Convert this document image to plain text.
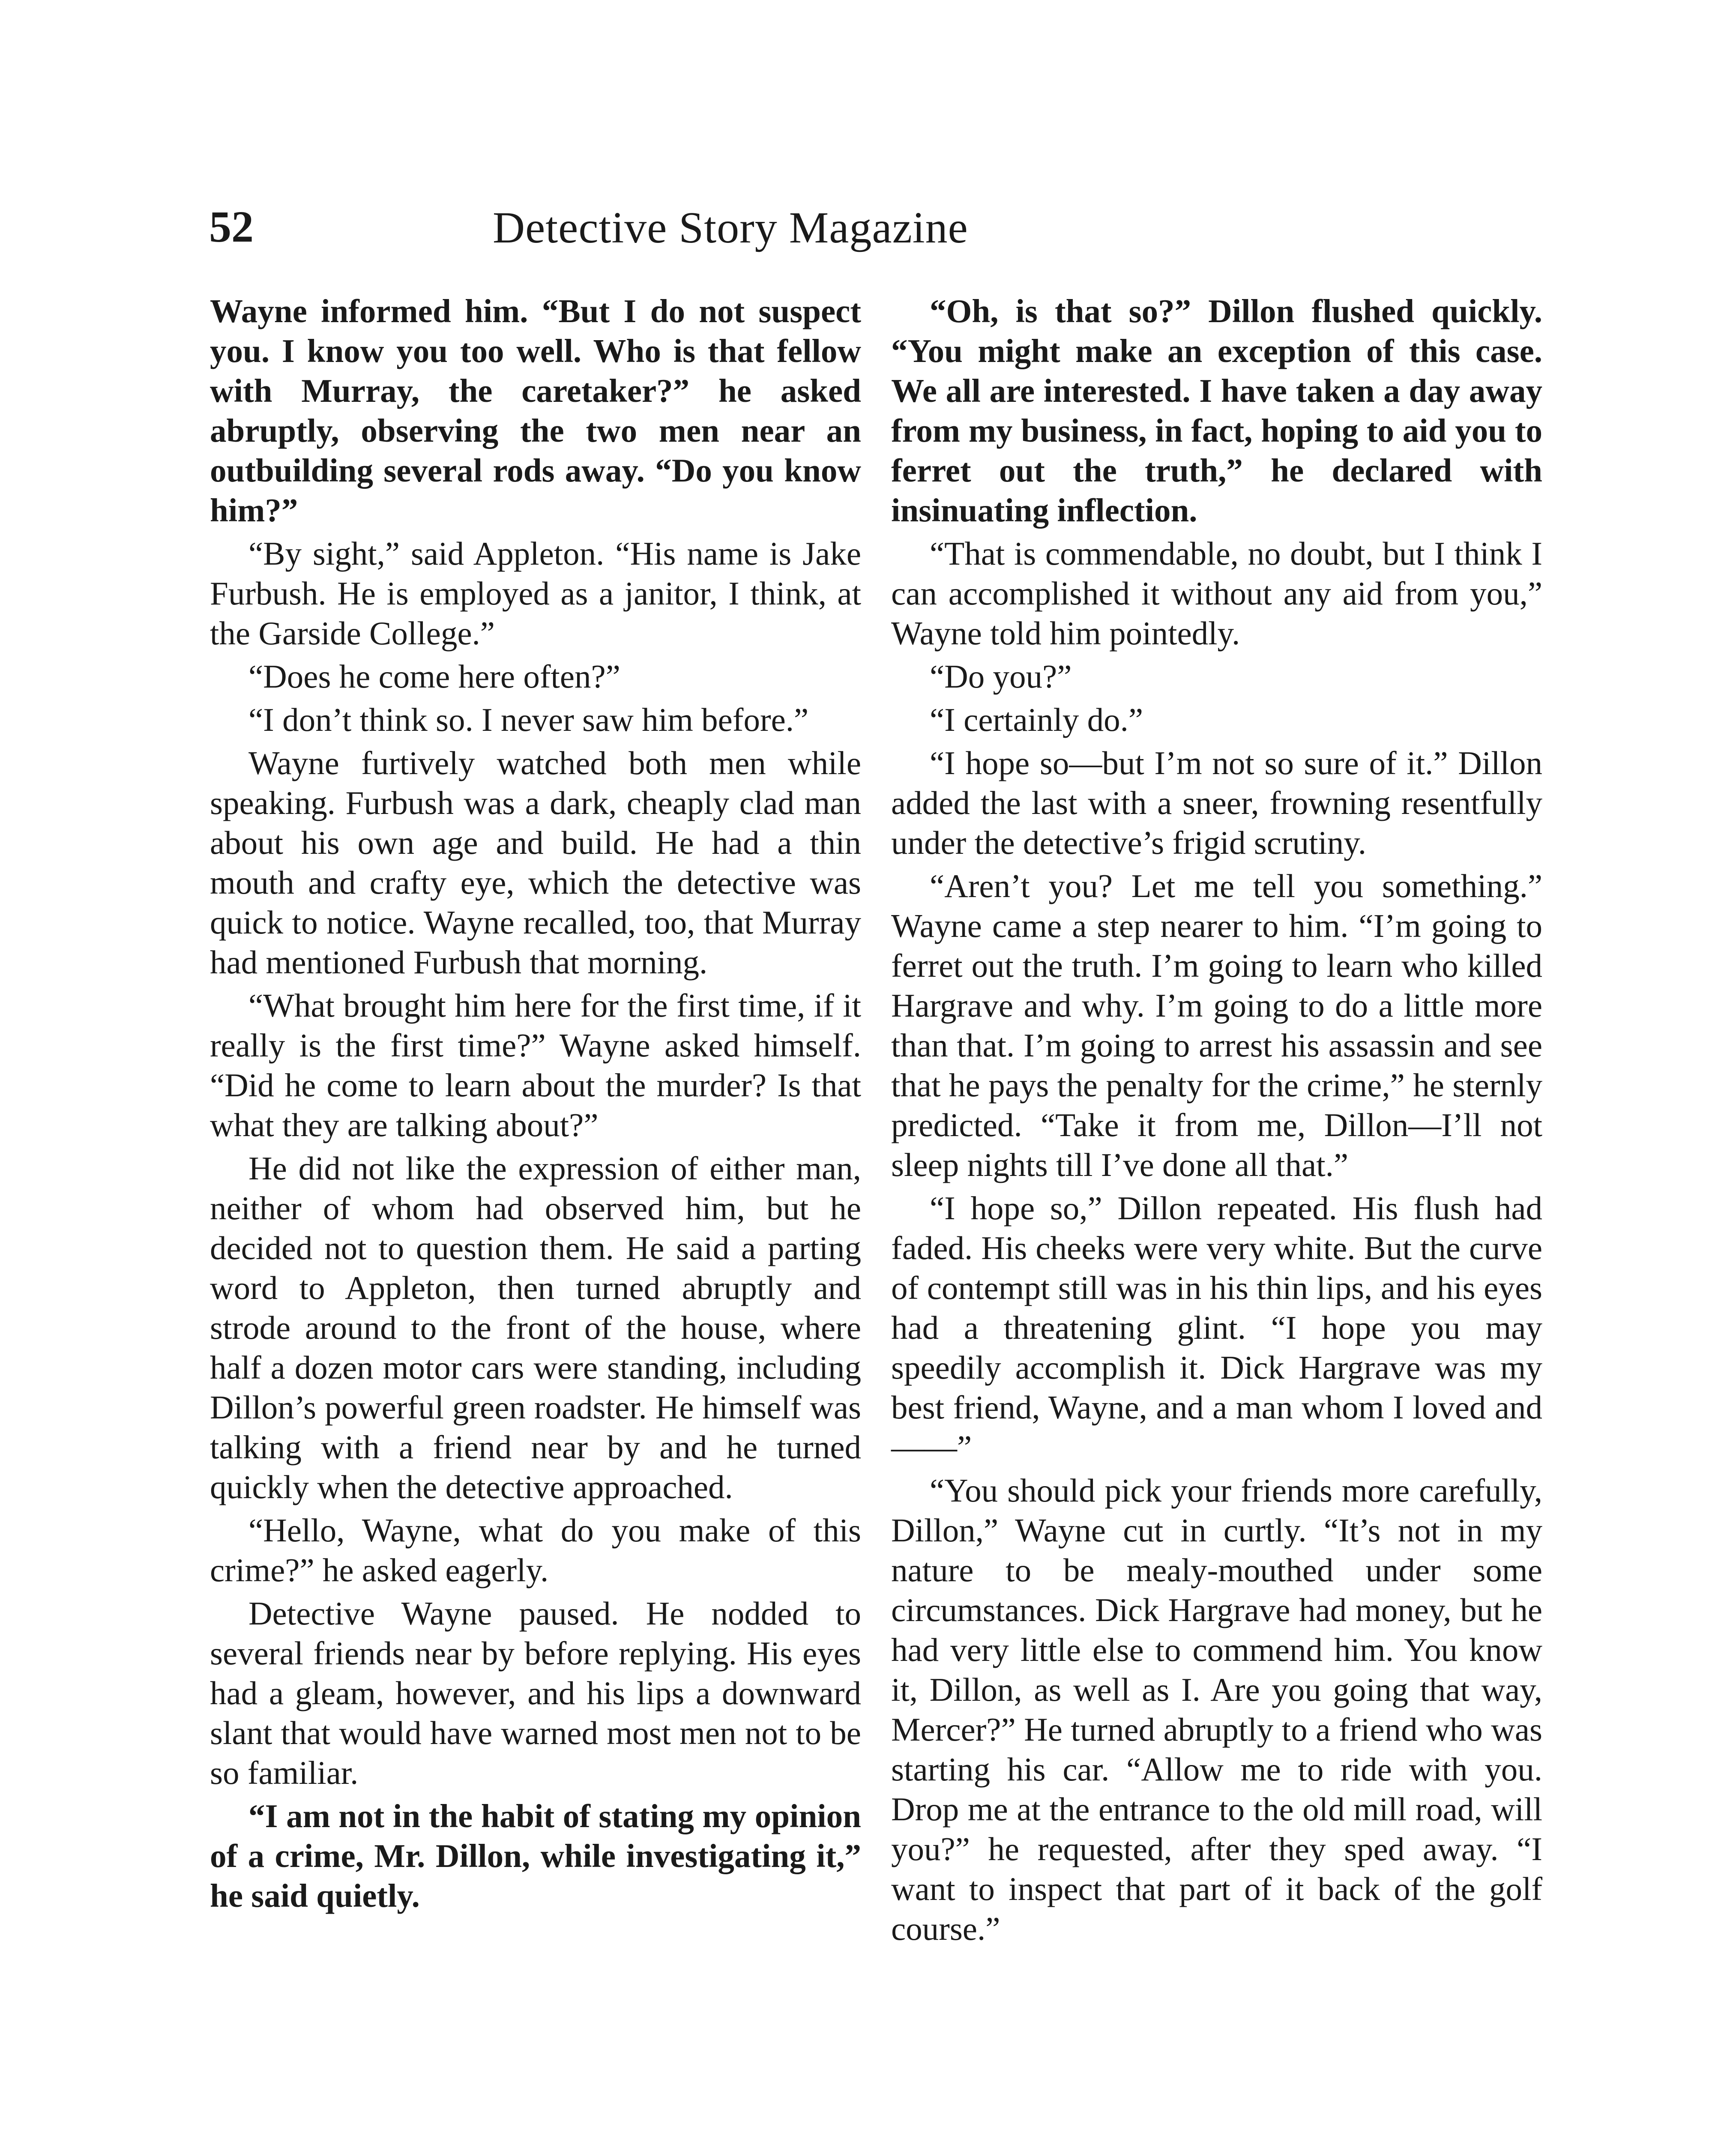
52	Detective Story Magazine

Wayne informed him. “But I do not suspect you. I know you too well. Who is that fellow with Murray, the caretaker?” he asked abruptly, observing the two men near an outbuilding several rods away. “Do you know him?”

“By sight,” said Appleton. “His name is Jake Furbush. He is employed as a janitor, I think, at the Garside College.”

“Does he come here often?”

“I don’t think so. I never saw him before.”

Wayne furtively watched both men while speaking. Furbush was a dark, cheaply clad man about his own age and build. He had a thin mouth and crafty eye, which the detective was quick to notice. Wayne recalled, too, that Murray had mentioned Furbush that morning.

“What brought him here for the first time, if it really is the first time?” Wayne asked himself. “Did he come to learn about the murder? Is that what they are talking about?”

He did not like the expression of either man, neither of whom had observed him, but he decided not to question them. He said a parting word to Appleton, then turned abruptly and strode around to the front of the house, where half a dozen motor cars were standing, including Dillon’s powerful green roadster. He himself was talking with a friend near by and he turned quickly when the detective approached.

“Hello, Wayne, what do you make of this crime?” he asked eagerly.

Detective Wayne paused. He nodded to several friends near by before replying. His eyes had a gleam, however, and his lips a downward slant that would have warned most men not to be so familiar.

“I am not in the habit of stating my opinion of a crime, Mr. Dillon, while investigating it,” he said quietly.

“Oh, is that so?” Dillon flushed quickly. “You might make an exception of this case. We all are interested. I have taken a day away from my business, in fact, hoping to aid you to ferret out the truth,” he declared with insinuating inflection.

“That is commendable, no doubt, but I think I can accomplished it without any aid from you,” Wayne told him pointedly.

“Do you?”

“I certainly do.”

“I hope so—but I’m not so sure of it.” Dillon added the last with a sneer, frowning resentfully under the detective’s frigid scrutiny.

“Aren’t you? Let me tell you something.” Wayne came a step nearer to him. “I’m going to ferret out the truth. I’m going to learn who killed Hargrave and why. I’m going to do a little more than that. I’m going to arrest his assassin and see that he pays the penalty for the crime,” he sternly predicted. “Take it from me, Dillon—I’ll not sleep nights till I’ve done all that.”

“I hope so,” Dillon repeated. His flush had faded. His cheeks were very white. But the curve of contempt still was in his thin lips, and his eyes had a threatening glint. “I hope you may speedily accomplish it. Dick Hargrave was my best friend, Wayne, and a man whom I loved and——”

“You should pick your friends more carefully, Dillon,” Wayne cut in curtly. “It’s not in my nature to be mealy-mouthed under some circumstances. Dick Hargrave had money, but he had very little else to commend him. You know it, Dillon, as well as I. Are you going that way, Mercer?” He turned abruptly to a friend who was starting his car. “Allow me to ride with you. Drop me at the entrance to the old mill road, will you?” he requested, after they sped away. “I want to inspect that part of it back of the golf course.”
